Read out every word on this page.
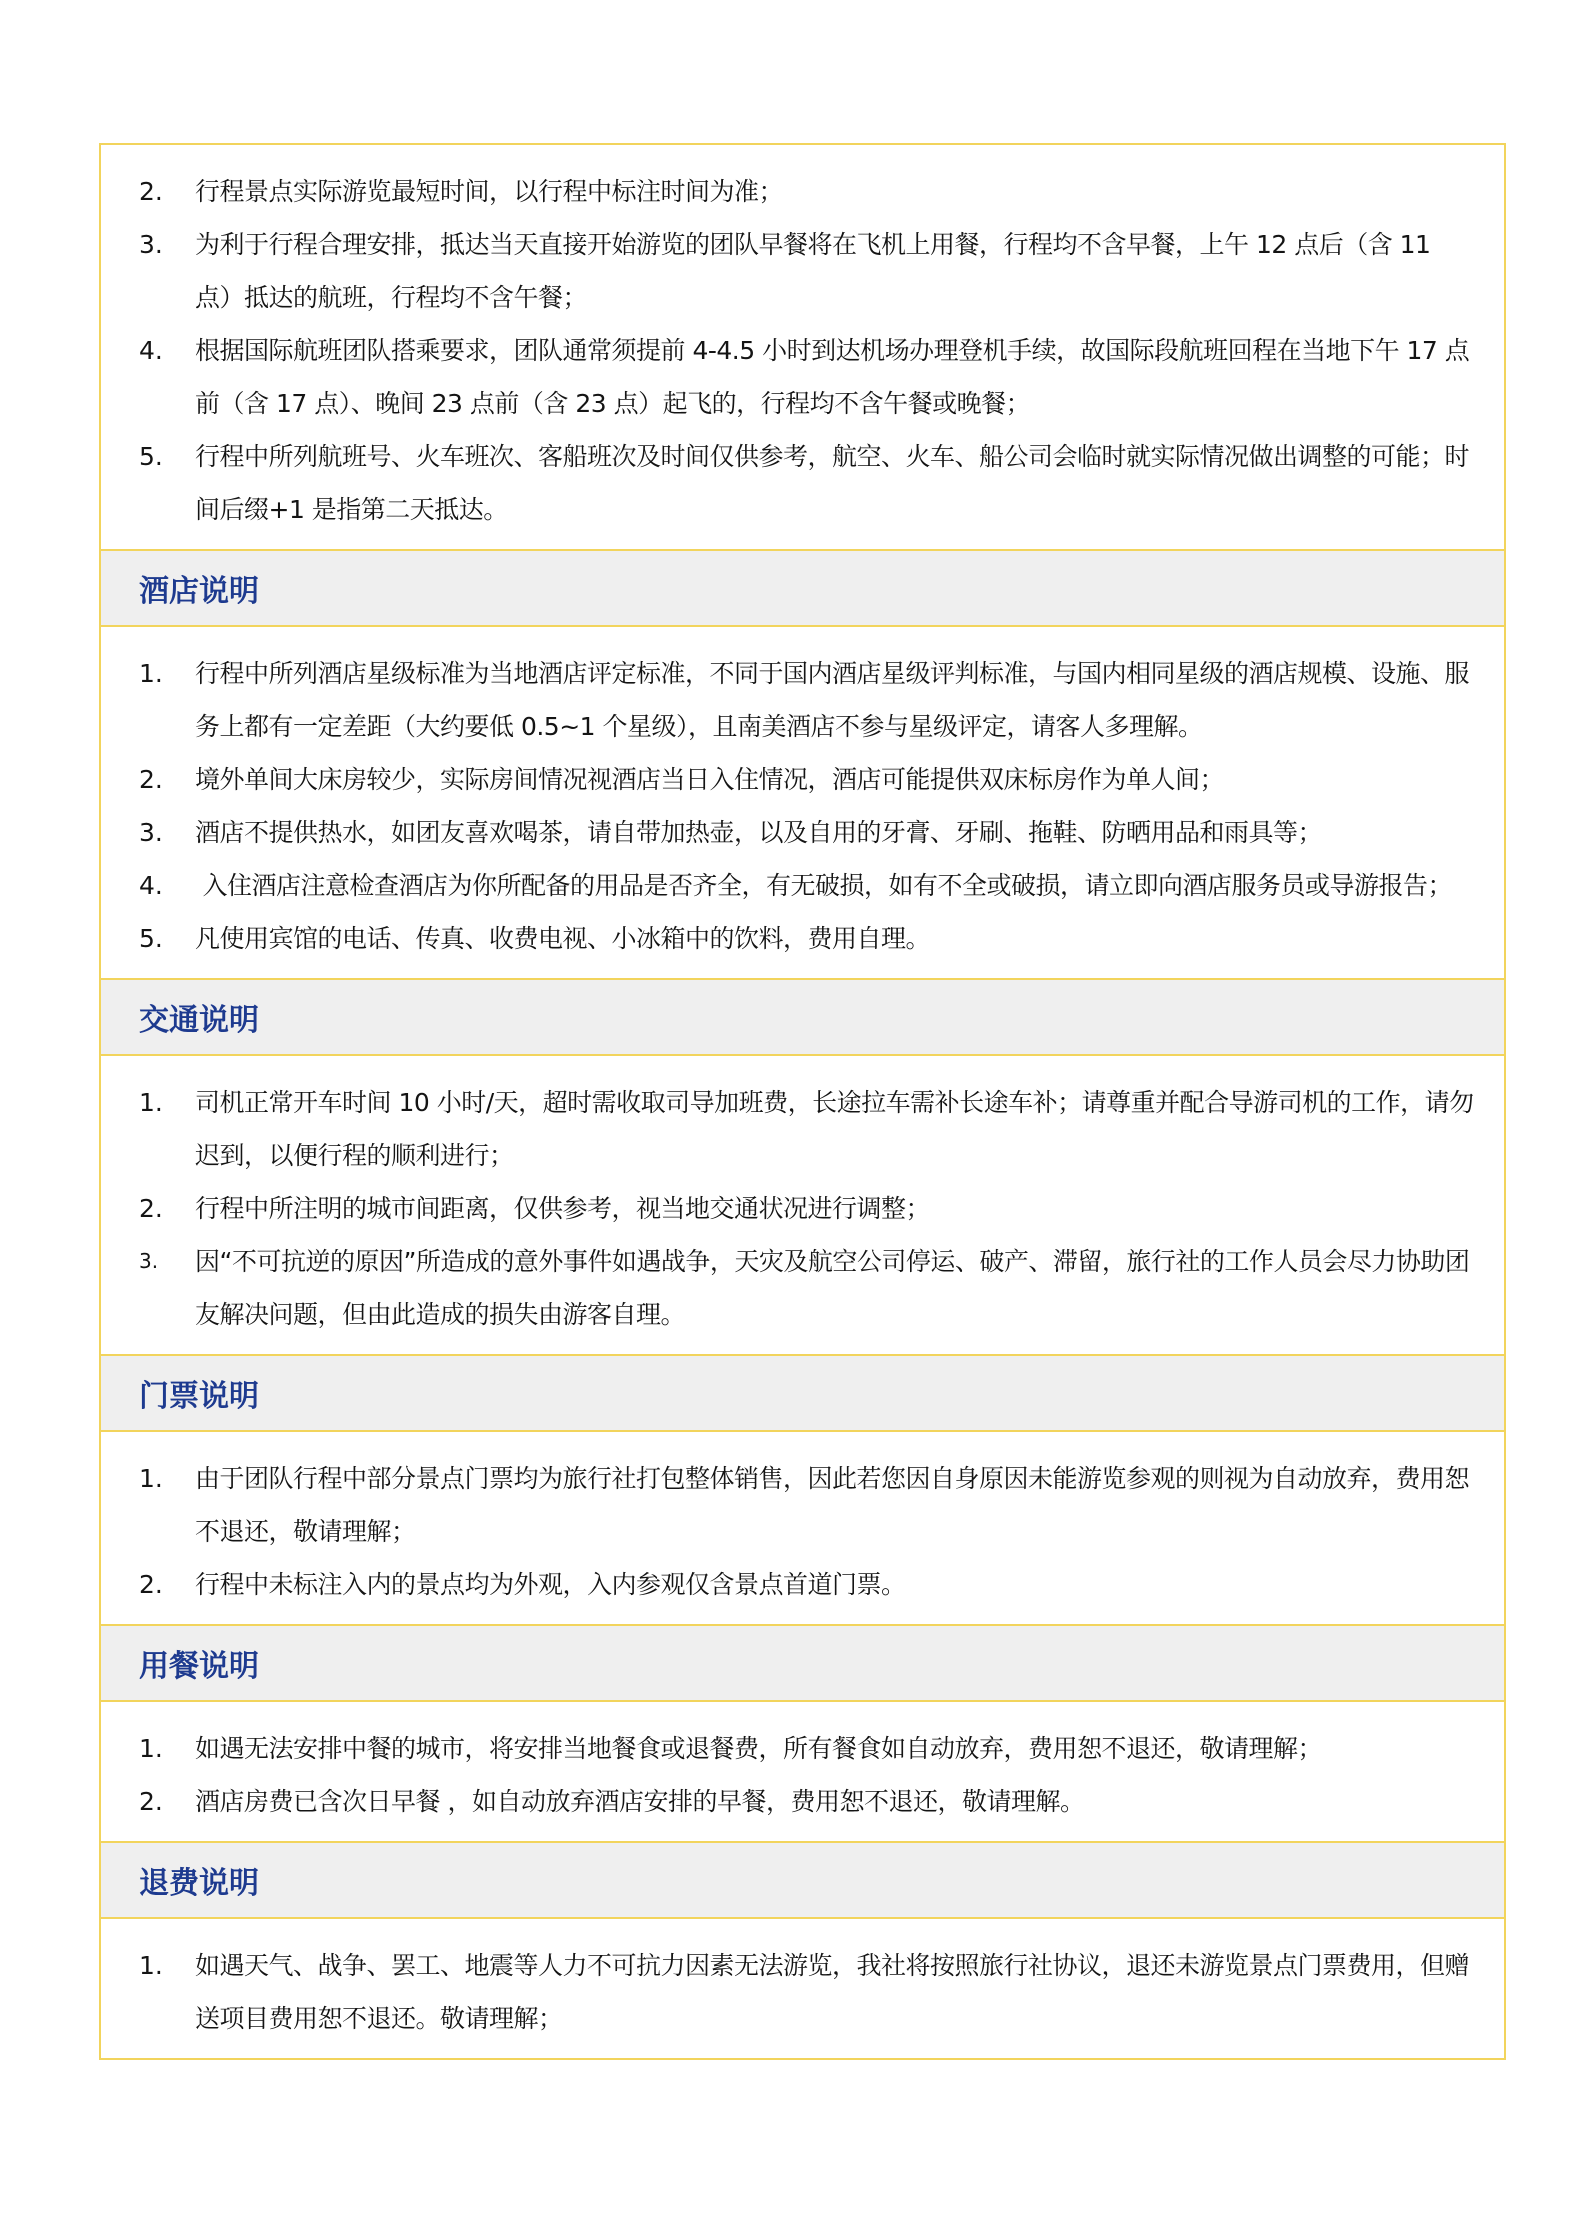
2.	行程景点实际游览最短时间，以行程中标注时间为准；
3.	为利于行程合理安排，抵达当天直接开始游览的团队早餐将在飞机上用餐，行程均不含早餐，上午 12 点后（含 11 点）抵达的航班，行程均不含午餐；
4.	根据国际航班团队搭乘要求，团队通常须提前 4-4.5 小时到达机场办理登机手续，故国际段航班回程在当地下午 17 点前（含 17 点）、晚间 23 点前（含 23 点）起飞的，行程均不含午餐或晚餐；
5.	行程中所列航班号、火车班次、客船班次及时间仅供参考，航空、火车、船公司会临时就实际情况做出调整的可能；时间后缀+1 是指第二天抵达。
酒店说明
1.	行程中所列酒店星级标准为当地酒店评定标准，不同于国内酒店星级评判标准，与国内相同星级的酒店规模、设施、服务上都有一定差距（大约要低 0.5~1 个星级），且南美酒店不参与星级评定，请客人多理解。
2.	境外单间大床房较少，实际房间情况视酒店当日入住情况，酒店可能提供双床标房作为单人间；
3.	酒店不提供热水，如团友喜欢喝茶，请自带加热壶，以及自用的牙膏、牙刷、拖鞋、防晒用品和雨具等；
4.	入住酒店注意检查酒店为你所配备的用品是否齐全，有无破损，如有不全或破损，请立即向酒店服务员或导游报告；
5.	凡使用宾馆的电话、传真、收费电视、小冰箱中的饮料，费用自理。
交通说明
1.	司机正常开车时间 10 小时/天，超时需收取司导加班费，长途拉车需补长途车补；请尊重并配合导游司机的工作，请勿迟到，以便行程的顺利进行；
2.	行程中所注明的城市间距离，仅供参考，视当地交通状况进行调整；
3.	因“不可抗逆的原因”所造成的意外事件如遇战争，天灾及航空公司停运、破产、滞留，旅行社的工作人员会尽力协助团友解决问题，但由此造成的损失由游客自理。
门票说明
1.	由于团队行程中部分景点门票均为旅行社打包整体销售，因此若您因自身原因未能游览参观的则视为自动放弃，费用恕不退还，敬请理解；
2.	行程中未标注入内的景点均为外观，入内参观仅含景点首道门票。
用餐说明
1.	如遇无法安排中餐的城市，将安排当地餐食或退餐费，所有餐食如自动放弃，费用恕不退还，敬请理解；
2.	酒店房费已含次日早餐 ，如自动放弃酒店安排的早餐，费用恕不退还，敬请理解。
退费说明
1.	如遇天气、战争、罢工、地震等人力不可抗力因素无法游览，我社将按照旅行社协议，退还未游览景点门票费用，但赠送项目费用恕不退还。敬请理解；
